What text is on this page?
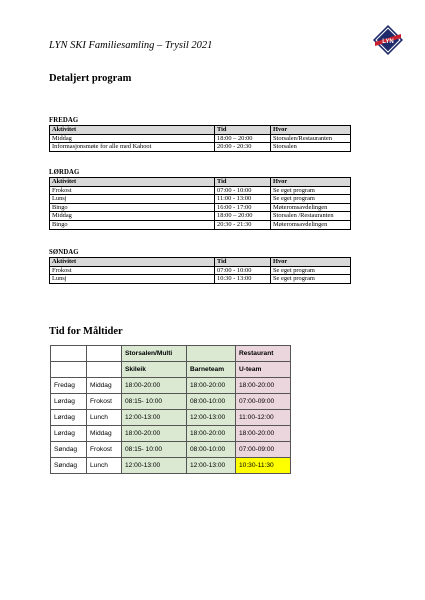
LYN
LYN SKI Familiesamling – Trysil 2021
Detaljert program
FREDAG
Aktivitet	Tid	Hvor
Middag	18:00 – 20:00	Storsalen/Restauranten
Informasjonsmøte for alle med Kahoot	20:00 - 20:30	Storsalen
LØRDAG
Aktivitet	Tid	Hvor
Frokost	07:00 - 10:00	Se eget program
Lunsj	11:00 - 13:00	Se eget program
Bingo	16:00 - 17:00	Møteromsavdelingen
Middag	18:00 – 20:00	Storsalen /Restauranten
Bingo	20:30 - 21:30	Møteromsavdelingen
SØNDAG
Aktivitet	Tid	Hvor
Frokost	07:00 - 10:00	Se eget program
Lunsj	10:30 - 13:00	Se eget program
Tid for Måltider
		Storsalen/Multi		Restaurant
		Skileik	Barneteam	U-team
Fredag	Middag	18:00-20:00	18:00-20:00	18:00-20:00
Lørdag	Frokost	08:15- 10:00	08:00-10:00	07:00-09:00
Lørdag	Lunch	12:00-13:00	12:00-13:00	11:00-12:00
Lørdag	Middag	18:00-20:00	18:00-20:00	18:00-20:00
Søndag	Frokost	08:15- 10:00	08:00-10:00	07:00-09:00
Søndag	Lunch	12:00-13:00	12:00-13:00	10:30-11:30
